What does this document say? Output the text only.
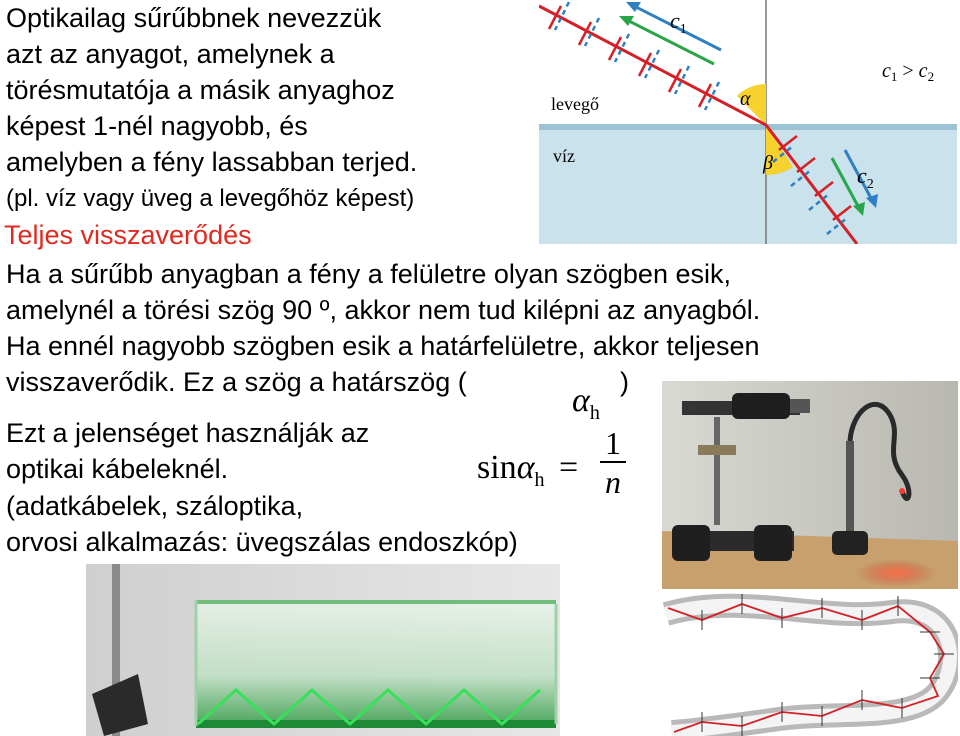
Optikailag sűrűbbnek nevezzük
azt az anyagot, amelynek a
törésmutatója a másik anyaghoz
képest 1-nél nagyobb, és
amelyben a fény lassabban terjed.
(pl. víz vagy üveg a levegőhöz képest)
Teljes visszaverődés
Ha a sűrűbb anyagban a fény a felületre olyan szögben esik,
amelynél a törési szög 90 º, akkor nem tud kilépni az anyagból.
Ha ennél nagyobb szögben esik a határfelületre, akkor teljesen
visszaverődik. Ez a szög a határszög (	)
Ezt a jelenséget használják az
optikai kábeleknél.
(adatkábelek, száloptika,
orvosi alkalmazás: üvegszálas endoszkóp)
$\alpha_h$
sinα$_h$ =
1
n
levegő
víz
α
β
$c_1$
$c_2$
$c_1 > c_2$
